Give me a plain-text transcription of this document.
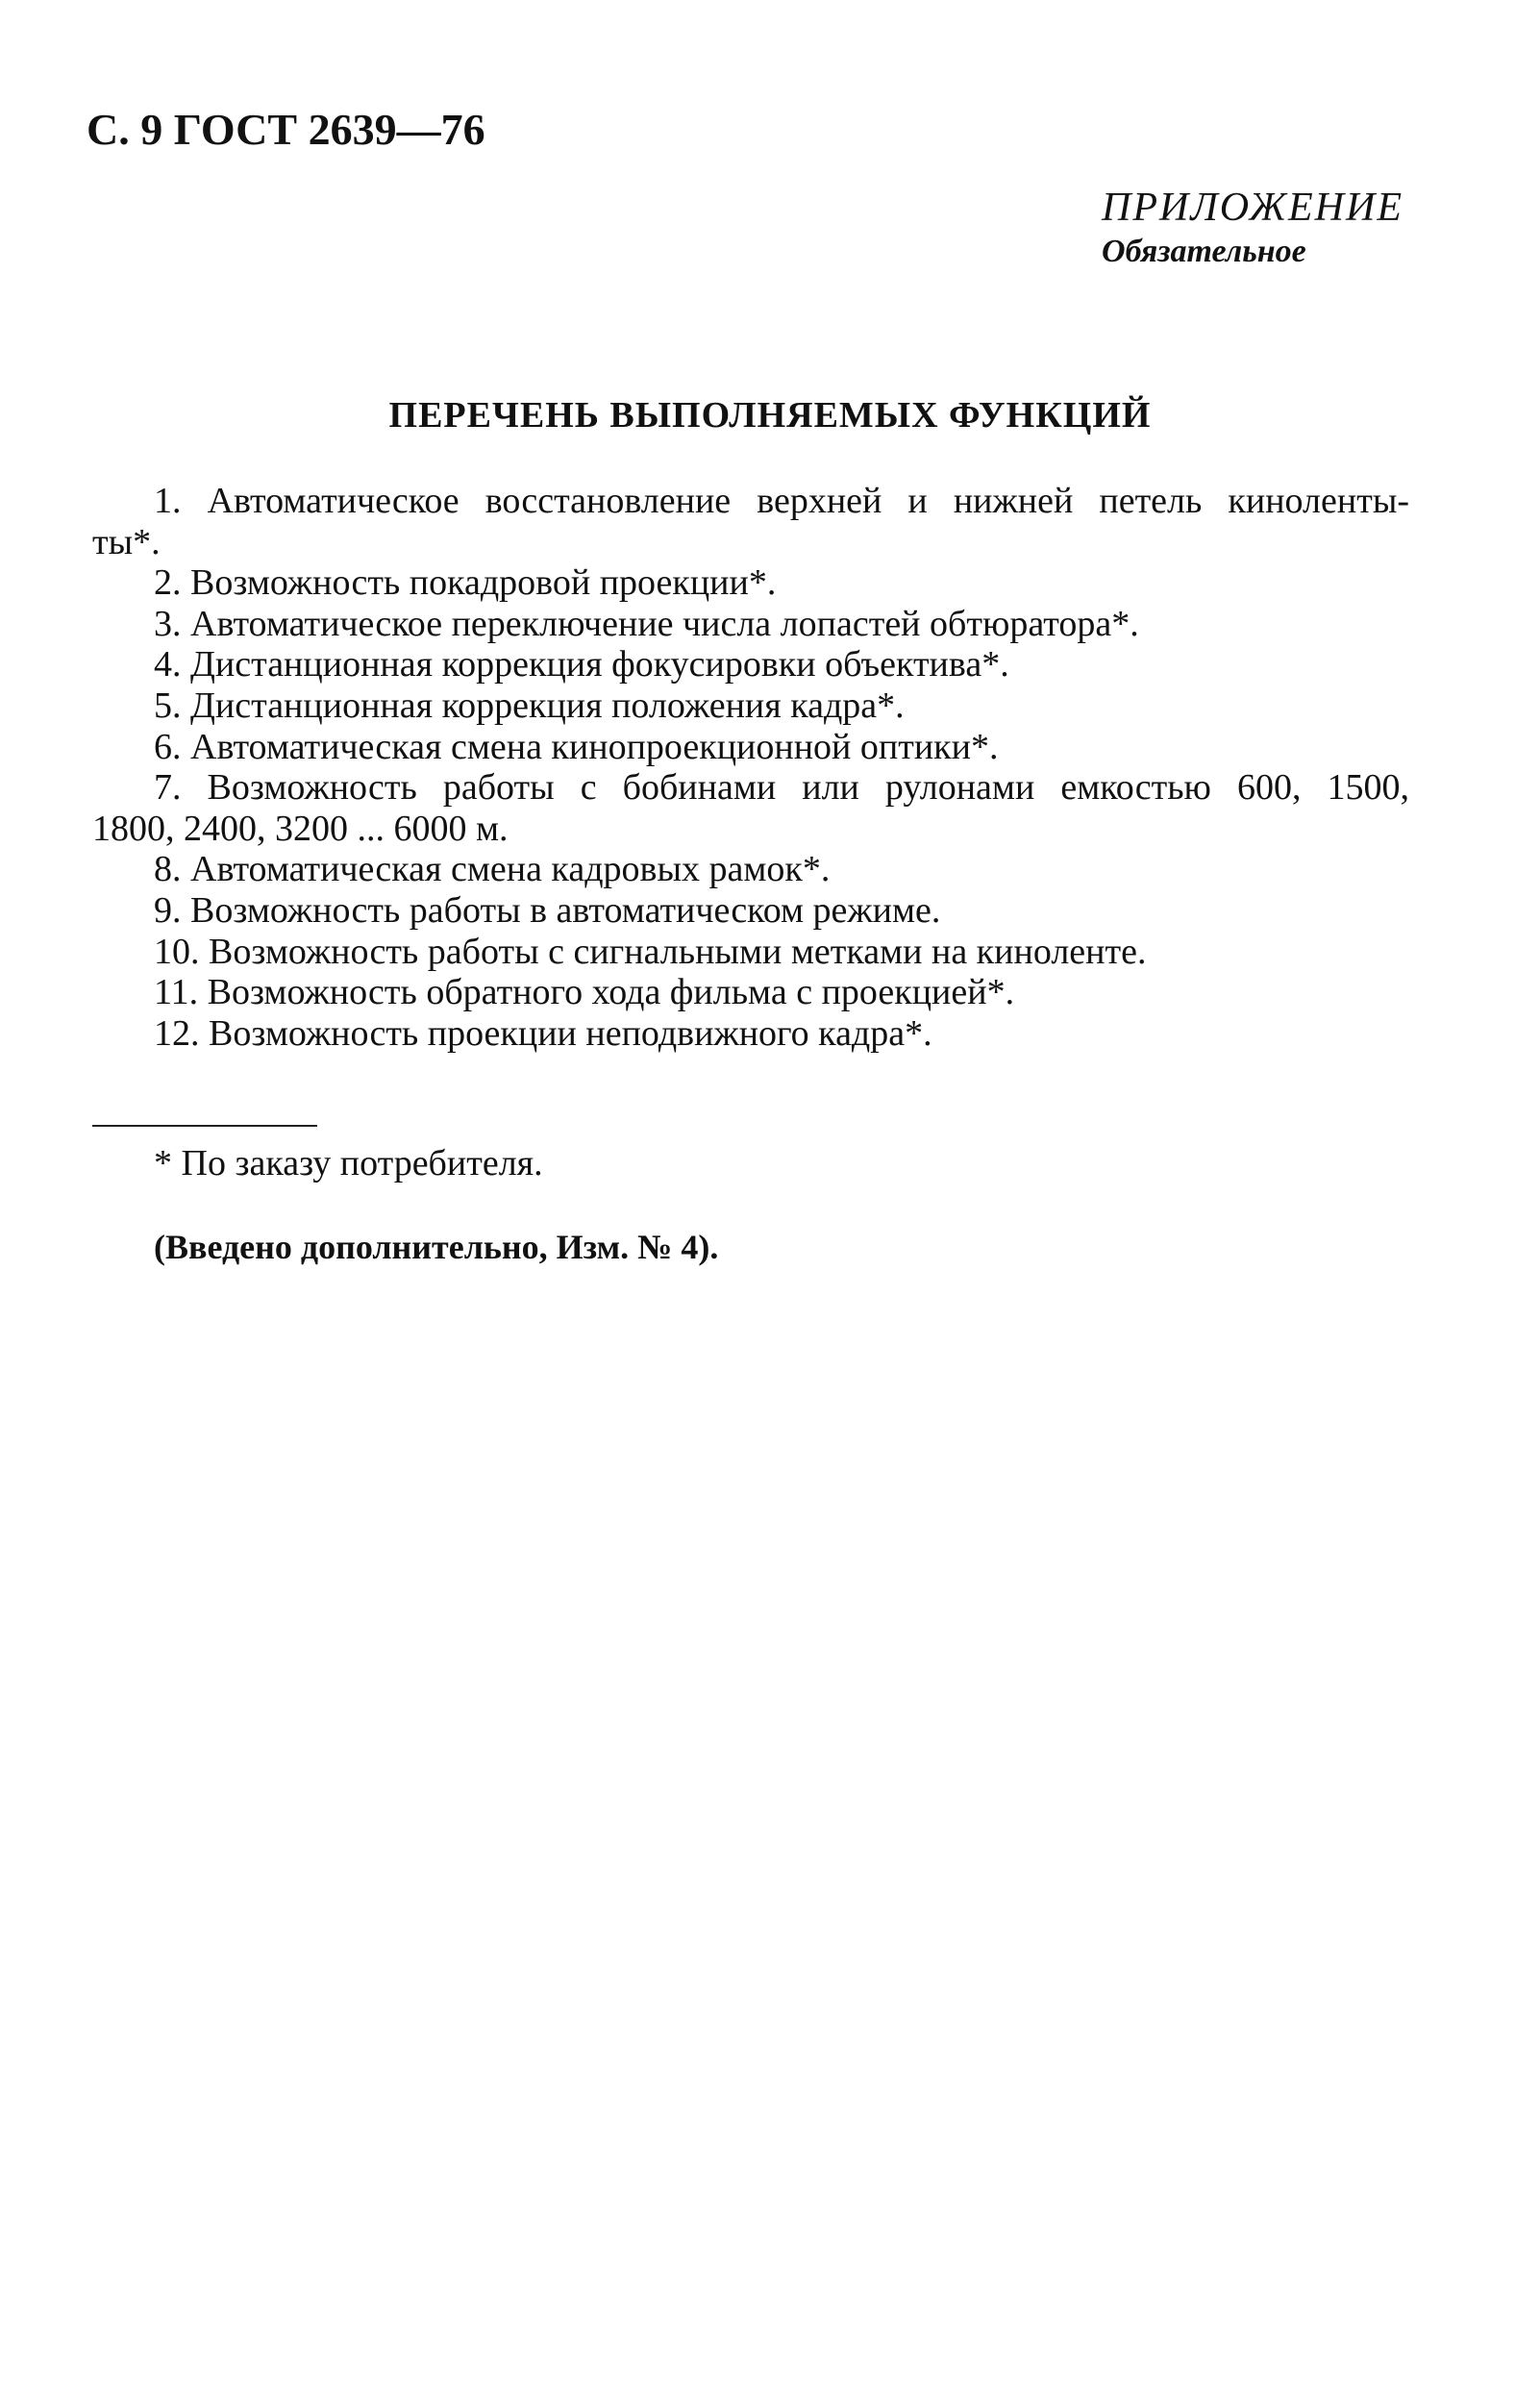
С. 9 ГОСТ 2639—76
ПРИЛОЖЕНИЕ
Обязательное
ПЕРЕЧЕНЬ ВЫПОЛНЯЕМЫХ ФУНКЦИЙ
1. Автоматическое восстановление верхней и нижней петель киноленты-
ты*.
2. Возможность покадровой проекции*.
3. Автоматическое переключение числа лопастей обтюратора*.
4. Дистанционная коррекция фокусировки объектива*.
5. Дистанционная коррекция положения кадра*.
6. Автоматическая смена кинопроекционной оптики*.
7. Возможность работы с бобинами или рулонами емкостью 600, 1500,
1800, 2400, 3200 ... 6000 м.
8. Автоматическая смена кадровых рамок*.
9. Возможность работы в автоматическом режиме.
10. Возможность работы с сигнальными метками на киноленте.
11. Возможность обратного хода фильма с проекцией*.
12. Возможность проекции неподвижного кадра*.
* По заказу потребителя.
(Введено дополнительно, Изм. № 4).
